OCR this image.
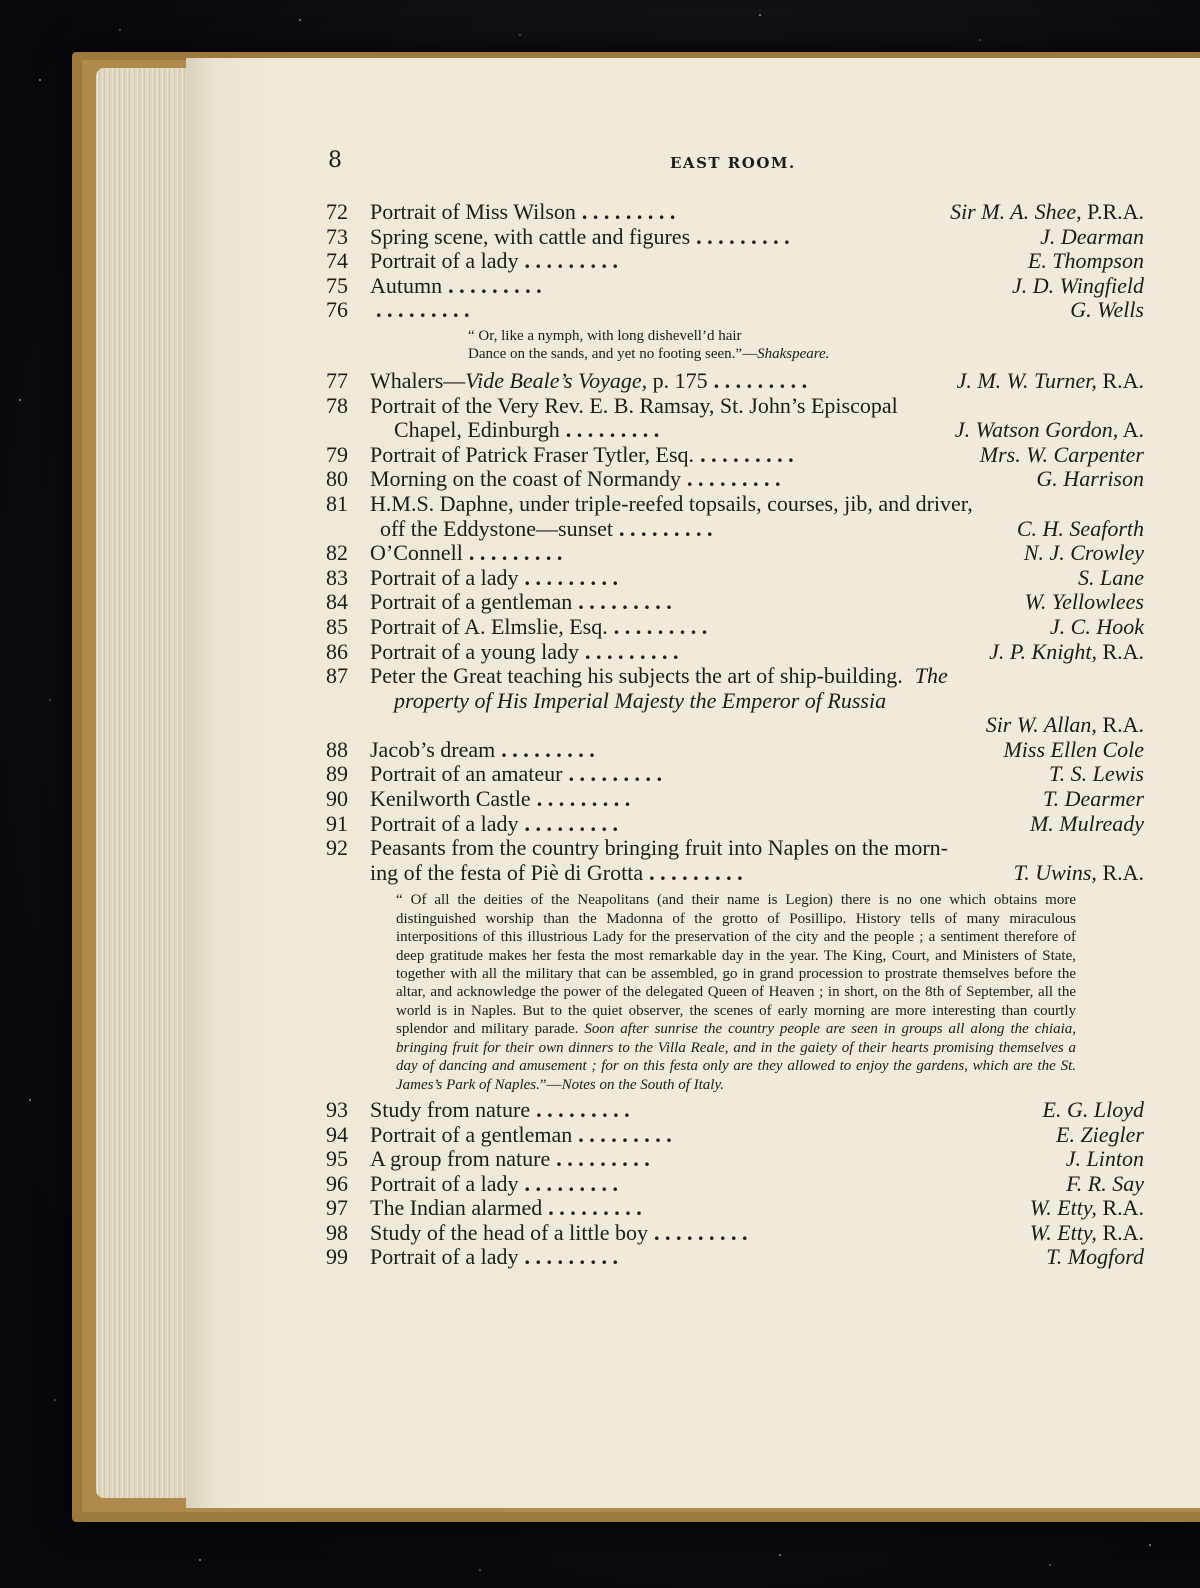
8	EAST ROOM.
72	Portrait of Miss Wilson .	Sir M. A. Shee, P.R.A.
73	Spring scene, with cattle and figures .	J. Dearman
74	Portrait of a lady .	E. Thompson
75	Autumn .	J. D. Wingfield
76 .	G. Wells
“ Or, like a nymph, with long dishevell’d hair
Dance on the sands, and yet no footing seen.”—Shakspeare.
77	Whalers—Vide Beale’s Voyage, p. 175 .	J. M. W. Turner, R.A.
78	Portrait of the Very Rev. E. B. Ramsay, St. John’s Episcopal
Chapel, Edinburgh .	J. Watson Gordon, A.
79	Portrait of Patrick Fraser Tytler, Esq. .	Mrs. W. Carpenter
80	Morning on the coast of Normandy .	G. Harrison
81	H.M.S. Daphne, under triple-reefed topsails, courses, jib, and driver,
off the Eddystone—sunset .	C. H. Seaforth
82	O’Connell .	N. J. Crowley
83	Portrait of a lady .	S. Lane
84	Portrait of a gentleman .	W. Yellowlees
85	Portrait of A. Elmslie, Esq. .	J. C. Hook
86	Portrait of a young lady .	J. P. Knight, R.A.
87	Peter the Great teaching his subjects the art of ship-building. The
property of His Imperial Majesty the Emperor of Russia
Sir W. Allan, R.A.
88	Jacob’s dream .	Miss Ellen Cole
89	Portrait of an amateur .	T. S. Lewis
90	Kenilworth Castle .	T. Dearmer
91	Portrait of a lady .	M. Mulready
92	Peasants from the country bringing fruit into Naples on the morn-
ing of the festa of Piè di Grotta .	T. Uwins, R.A.
“ Of all the deities of the Neapolitans (and their name is Legion) there is no one which obtains more distinguished worship than the Madonna of the grotto of Posillipo. History tells of many miraculous interpositions of this illustrious Lady for the preservation of the city and the people ; a sentiment therefore of deep gratitude makes her festa the most remarkable day in the year. The King, Court, and Ministers of State, together with all the military that can be assembled, go in grand procession to prostrate themselves before the altar, and acknowledge the power of the delegated Queen of Heaven ; in short, on the 8th of September, all the world is in Naples. But to the quiet observer, the scenes of early morning are more interesting than courtly splendor and military parade. Soon after sunrise the country people are seen in groups all along the chiaia, bringing fruit for their own dinners to the Villa Reale, and in the gaiety of their hearts promising themselves a day of dancing and amusement ; for on this festa only are they allowed to enjoy the gardens, which are the St. James’s Park of Naples.”—Notes on the South of Italy.
93	Study from nature .	E. G. Lloyd
94	Portrait of a gentleman .	E. Ziegler
95	A group from nature .	J. Linton
96	Portrait of a lady .	F. R. Say
97	The Indian alarmed .	W. Etty, R.A.
98	Study of the head of a little boy .	W. Etty, R.A.
99	Portrait of a lady .	T. Mogford
